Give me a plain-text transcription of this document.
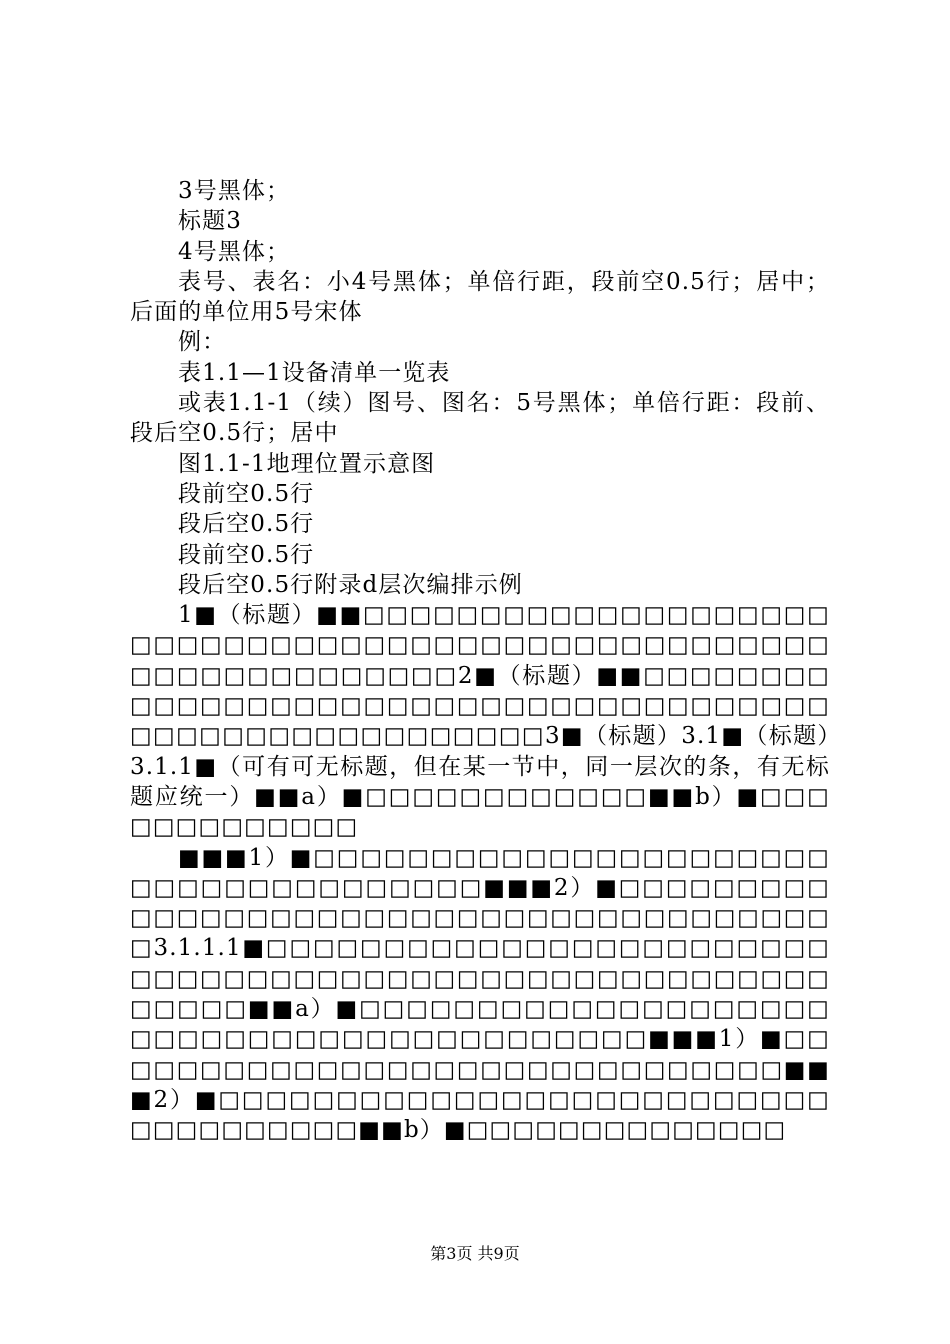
3号黑体；

标题3

4号黑体；

表号、表名：小4号黑体；单倍行距，段前空0.5行；居中；后面的单位用5号宋体

例：

表1.1—1设备清单一览表

或表1.1-1（续）图号、图名：5号黑体；单倍行距：段前、段后空0.5行；居中

图1.1-1地理位置示意图

段前空0.5行

段后空0.5行

段前空0.5行

段后空0.5行附录d层次编排示例

1■（标题）■■□□□□□□□□□□□□□□□□□□□□□□□□□□□□□□□□□□□□□□□□□□□□□□□□□□□□□□□□□□□□□□□□2■（标题）■■□□□□□□□□□□□□□□□□□□□□□□□□□□□□□□□□□□□□□□□□□□□□□□□□□□□□□□□□3■（标题）3.1■（标题）3.1.1■（可有可无标题，但在某一节中，同一层次的条，有无标题应统一）■■a）■□□□□□□□□□□□□■■b）■□□□□□□□□□□□□□

■■■1）■□□□□□□□□□□□□□□□□□□□□□□□□□□□□□□□□□□□□□■■■2）■□□□□□□□□□□□□□□□□□□□□□□□□□□□□□□□□□□□□□□□□3.1.1.1■□□□□□□□□□□□□□□□□□□□□□□□□□□□□□□□□□□□□□□□□□□□□□□□□□□□□□□□□□□□■■a）■□□□□□□□□□□□□□□□□□□□□□□□□□□□□□□□□□□□□□□□□□□■■■1）■□□□□□□□□□□□□□□□□□□□□□□□□□□□□□□■■■2）■□□□□□□□□□□□□□□□□□□□□□□□□□□□□□□□□□□□□■■b）■□□□□□□□□□□□□□□

第3页 共9页
